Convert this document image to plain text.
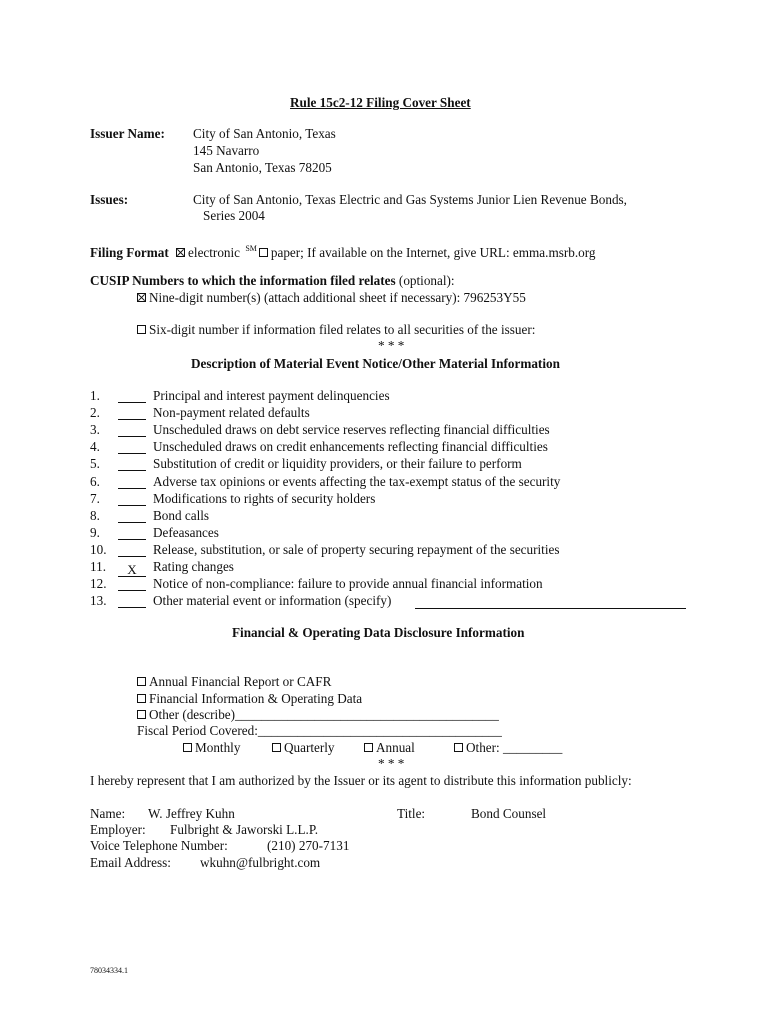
Rule 15c2-12 Filing Cover Sheet
Issuer Name: City of San Antonio, Texas
145 Navarro
San Antonio, Texas 78205
Issues:	City of San Antonio, Texas Electric and Gas Systems Junior Lien Revenue Bonds,
Series 2004
Filing Format electronic ℠ paper; If available on the Internet, give URL: emma.msrb.org
CUSIP Numbers to which the information filed relates (optional):
Nine-digit number(s) (attach additional sheet if necessary): 796253Y55
Six-digit number if information filed relates to all securities of the issuer:
* * *
Description of Material Event Notice/Other Material Information
1.	Principal and interest payment delinquencies
2.	Non-payment related defaults
3.	Unscheduled draws on debt service reserves reflecting financial difficulties
4.	Unscheduled draws on credit enhancements reflecting financial difficulties
5.	Substitution of credit or liquidity providers, or their failure to perform
6.	Adverse tax opinions or events affecting the tax-exempt status of the security
7.	Modifications to rights of security holders
8.	Bond calls
9.	Defeasances
10.	Release, substitution, or sale of property securing repayment of the securities
11.	X	Rating changes
12.	Notice of non-compliance: failure to provide annual financial information
13.	Other material event or information (specify)
Financial & Operating Data Disclosure Information
Annual Financial Report or CAFR
Financial Information & Operating Data
Other (describe)________________________________________
Fiscal Period Covered:_____________________________________
Monthly	Quarterly	Annual	Other: _________
* * *
I hereby represent that I am authorized by the Issuer or its agent to distribute this information publicly:
Name: W. Jeffrey Kuhn	Title:	Bond Counsel
Employer: Fulbright & Jaworski L.L.P.
Voice Telephone Number:	(210) 270-7131
Email Address: wkuhn@fulbright.com
78034334.1
